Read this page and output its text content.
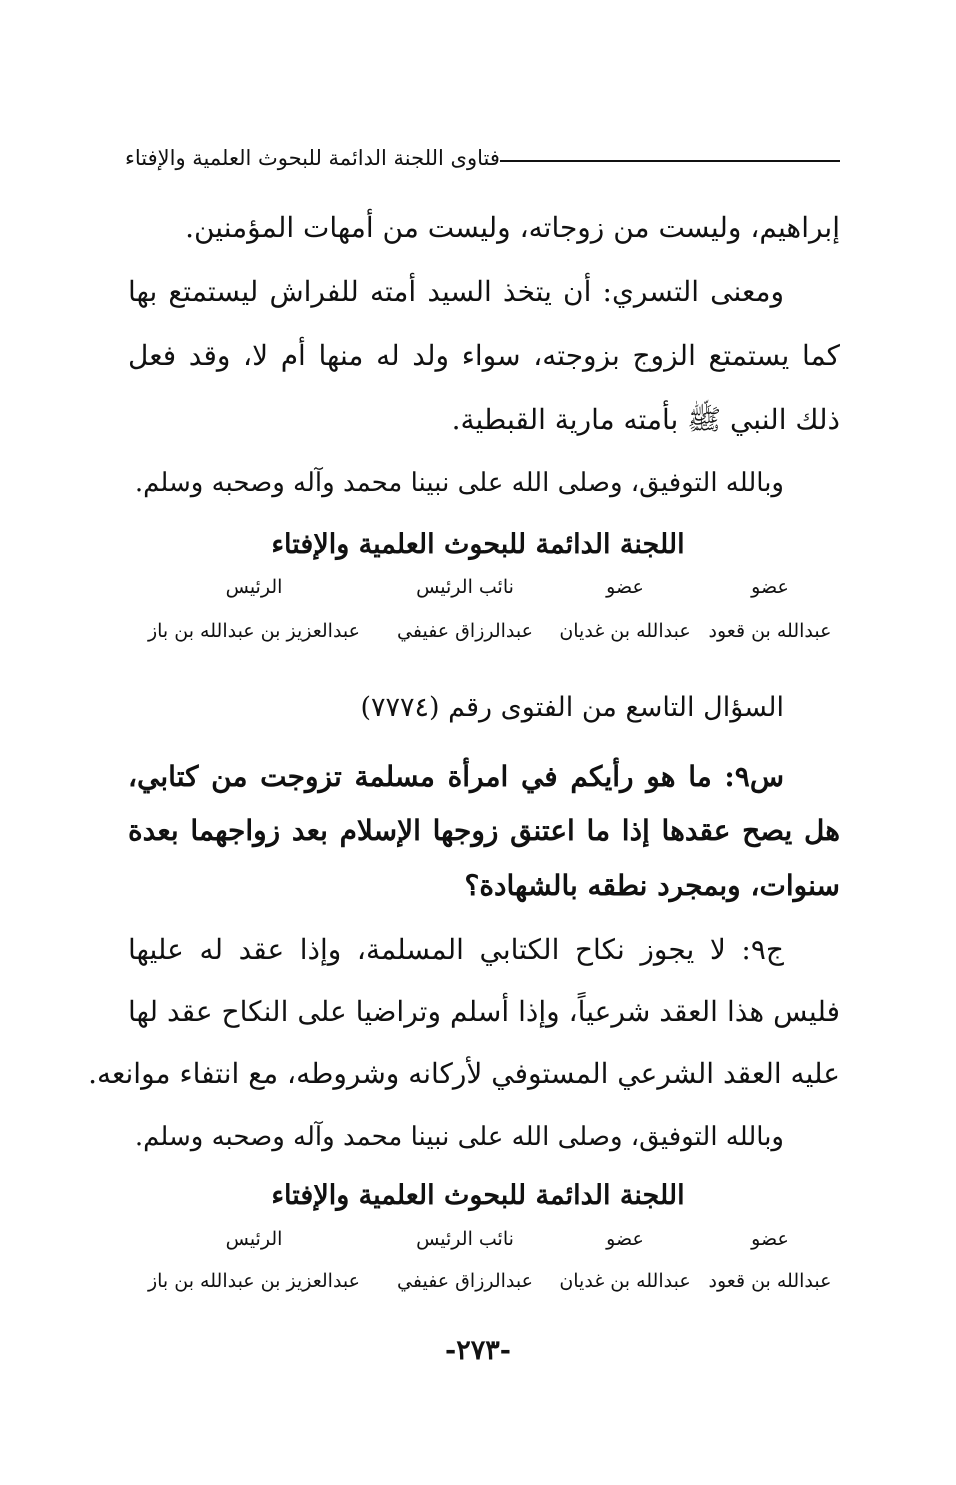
فتاوى اللجنة الدائمة للبحوث العلمية والإفتاء
إبراهيم، وليست من زوجاته، وليست من أمهات المؤمنين.
ومعنى التسري: أن يتخذ السيد أمته للفراش ليستمتع بها
كما يستمتع الزوج بزوجته، سواء ولد له منها أم لا، وقد فعل
ذلك النبي ﷺ بأمته مارية القبطية.
وبالله التوفيق، وصلى الله على نبينا محمد وآله وصحبه وسلم.
اللجنة الدائمة للبحوث العلمية والإفتاء
عضو
عضو
نائب الرئيس
الرئيس
عبدالله بن قعود
عبدالله بن غديان
عبدالرزاق عفيفي
عبدالعزيز بن عبدالله بن باز
السؤال التاسع من الفتوى رقم (٧٧٧٤)
س٩: ما هو رأيكم في امرأة مسلمة تزوجت من كتابي،
هل يصح عقدها إذا ما اعتنق زوجها الإسلام بعد زواجهما بعدة
سنوات، وبمجرد نطقه بالشهادة؟
ج٩: لا يجوز نكاح الكتابي المسلمة، وإذا عقد له عليها
فليس هذا العقد شرعياً، وإذا أسلم وتراضيا على النكاح عقد لها
عليه العقد الشرعي المستوفي لأركانه وشروطه، مع انتفاء موانعه.
وبالله التوفيق، وصلى الله على نبينا محمد وآله وصحبه وسلم.
اللجنة الدائمة للبحوث العلمية والإفتاء
عضو
عضو
نائب الرئيس
الرئيس
عبدالله بن قعود
عبدالله بن غديان
عبدالرزاق عفيفي
عبدالعزيز بن عبدالله بن باز
-٢٧٣-
